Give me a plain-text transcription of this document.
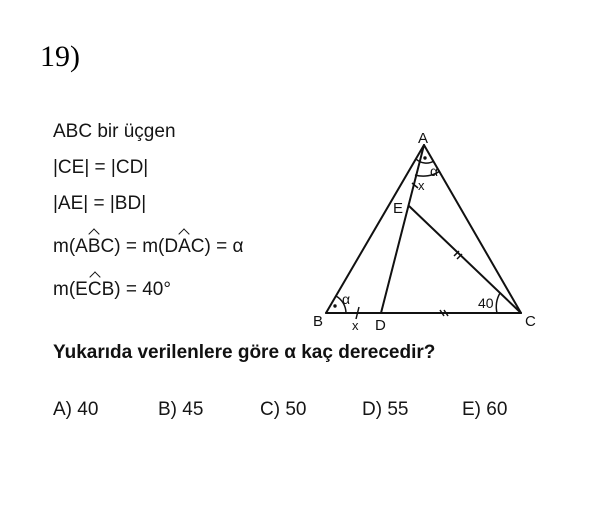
19)
ABC bir üçgen
|CE| = |CD|
|AE| = |BD|
m(ABC) = m(DAC) = α
m(ECB) = 40°
A
B	C
D
E
α
α	40
x
x
Yukarıda verilenlere göre α kaç derecedir?
A) 40	B) 45	C) 50	D) 55	E) 60
